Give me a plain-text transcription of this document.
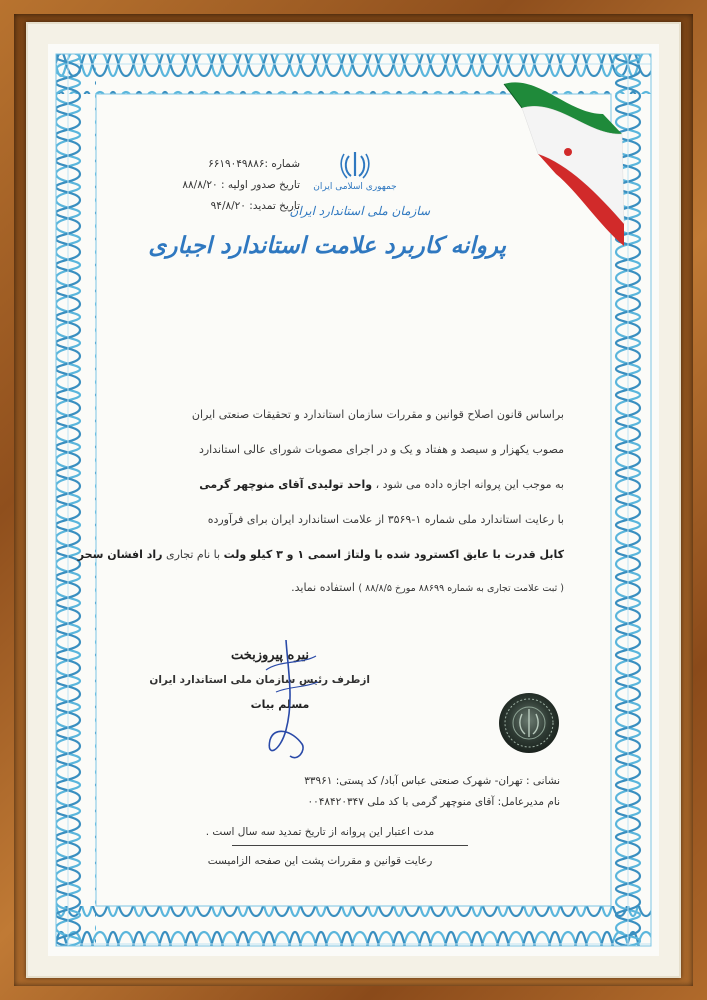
شماره :۶۶۱۹۰۴۹۸۸۶
تاریخ صدور اولیه : ۸۸/۸/۲۰
تاریخ تمدید: ۹۴/۸/۲۰
جمهوری اسلامی ایران
سازمان ملی استاندارد ایران
پروانه کاربرد علامت استاندارد اجباری
براساس قانون اصلاح قوانین و مقررات سازمان استاندارد و تحقیقات صنعتی ایران
مصوب یکهزار و سیصد و هفتاد و یک و در اجرای مصوبات شورای عالی استاندارد
به موجب این پروانه اجازه داده می شود ، واحد تولیدی آقای منوچهر گرمی
با رعایت استاندارد ملی شماره ۱-۳۵۶۹ از علامت استاندارد ایران برای فرآورده
کابل قدرت با عایق اکسترود شده با ولتاژ اسمی ۱ و ۳ کیلو ولت با نام تجاری راد افشان سحر
( ثبت علامت تجاری به شماره ۸۸۶۹۹ مورخ ۸۸/۸/۵ ) استفاده نماید.
نیره پیروزبخت
ازطرف رئیس سازمان ملی استاندارد ایران
مسلم بیات
نشانی : تهران- شهرک صنعتی عباس آباد/ کد پستی: ۳۳۹۶۱
نام مدیرعامل: آقای منوچهر گرمی با کد ملی ۰۰۴۸۴۲۰۳۴۷
مدت اعتبار این پروانه از تاریخ تمدید سه سال است .
رعایت قوانین و مقررات پشت این صفحه الزامیست
